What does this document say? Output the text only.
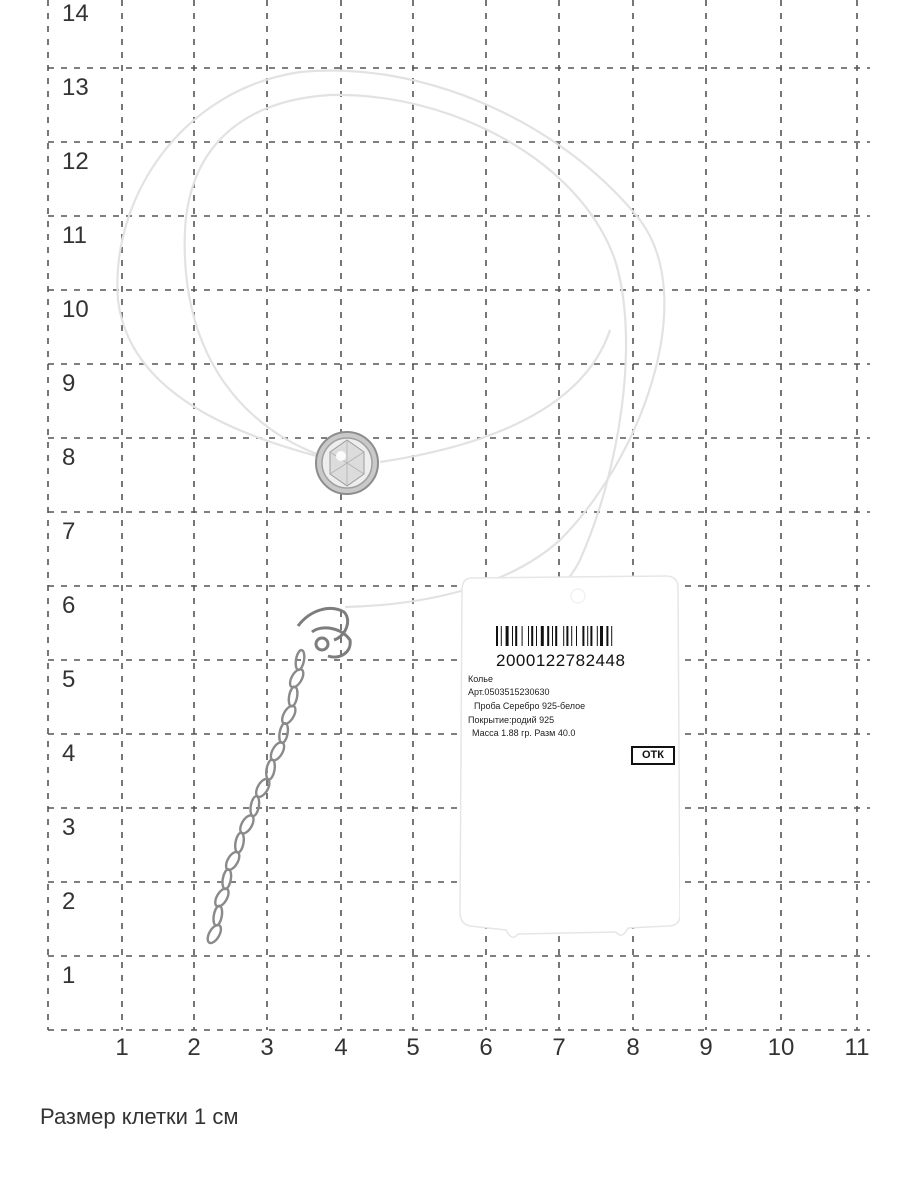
14
13
12
11
10
9
8
7
6
5
4
3
2
1
1	2	3	4	5	6	7	8	9	10	11
Размер клетки 1 см
2000122782448
Колье
Арт.0503515230630
Проба Серебро 925-белое
Покрытие:родий 925
Масса 1.88 гр. Разм 40.0
ОТК
